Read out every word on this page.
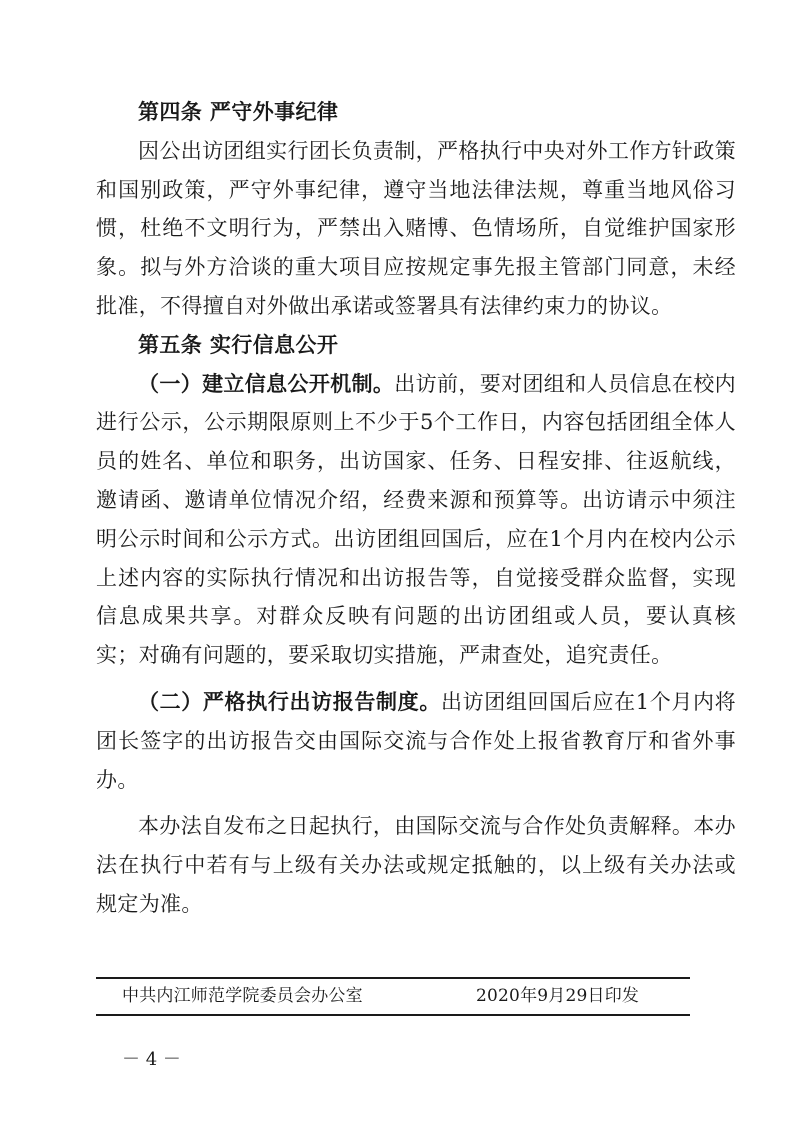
第四条 严守外事纪律

因公出访团组实行团长负责制，严格执行中央对外工作方针政策和国别政策，严守外事纪律，遵守当地法律法规，尊重当地风俗习惯，杜绝不文明行为，严禁出入赌博、色情场所，自觉维护国家形象。拟与外方洽谈的重大项目应按规定事先报主管部门同意，未经批准，不得擅自对外做出承诺或签署具有法律约束力的协议。

第五条 实行信息公开

（一）建立信息公开机制。出访前，要对团组和人员信息在校内进行公示，公示期限原则上不少于5个工作日，内容包括团组全体人员的姓名、单位和职务，出访国家、任务、日程安排、往返航线，邀请函、邀请单位情况介绍，经费来源和预算等。出访请示中须注明公示时间和公示方式。出访团组回国后，应在1个月内在校内公示上述内容的实际执行情况和出访报告等，自觉接受群众监督，实现信息成果共享。对群众反映有问题的出访团组或人员，要认真核实；对确有问题的，要采取切实措施，严肃查处，追究责任。

（二）严格执行出访报告制度。出访团组回国后应在1个月内将团长签字的出访报告交由国际交流与合作处上报省教育厅和省外事办。

本办法自发布之日起执行，由国际交流与合作处负责解释。本办法在执行中若有与上级有关办法或规定抵触的，以上级有关办法或规定为准。

中共内江师范学院委员会办公室	2020年9月29日印发
－ 4 －
